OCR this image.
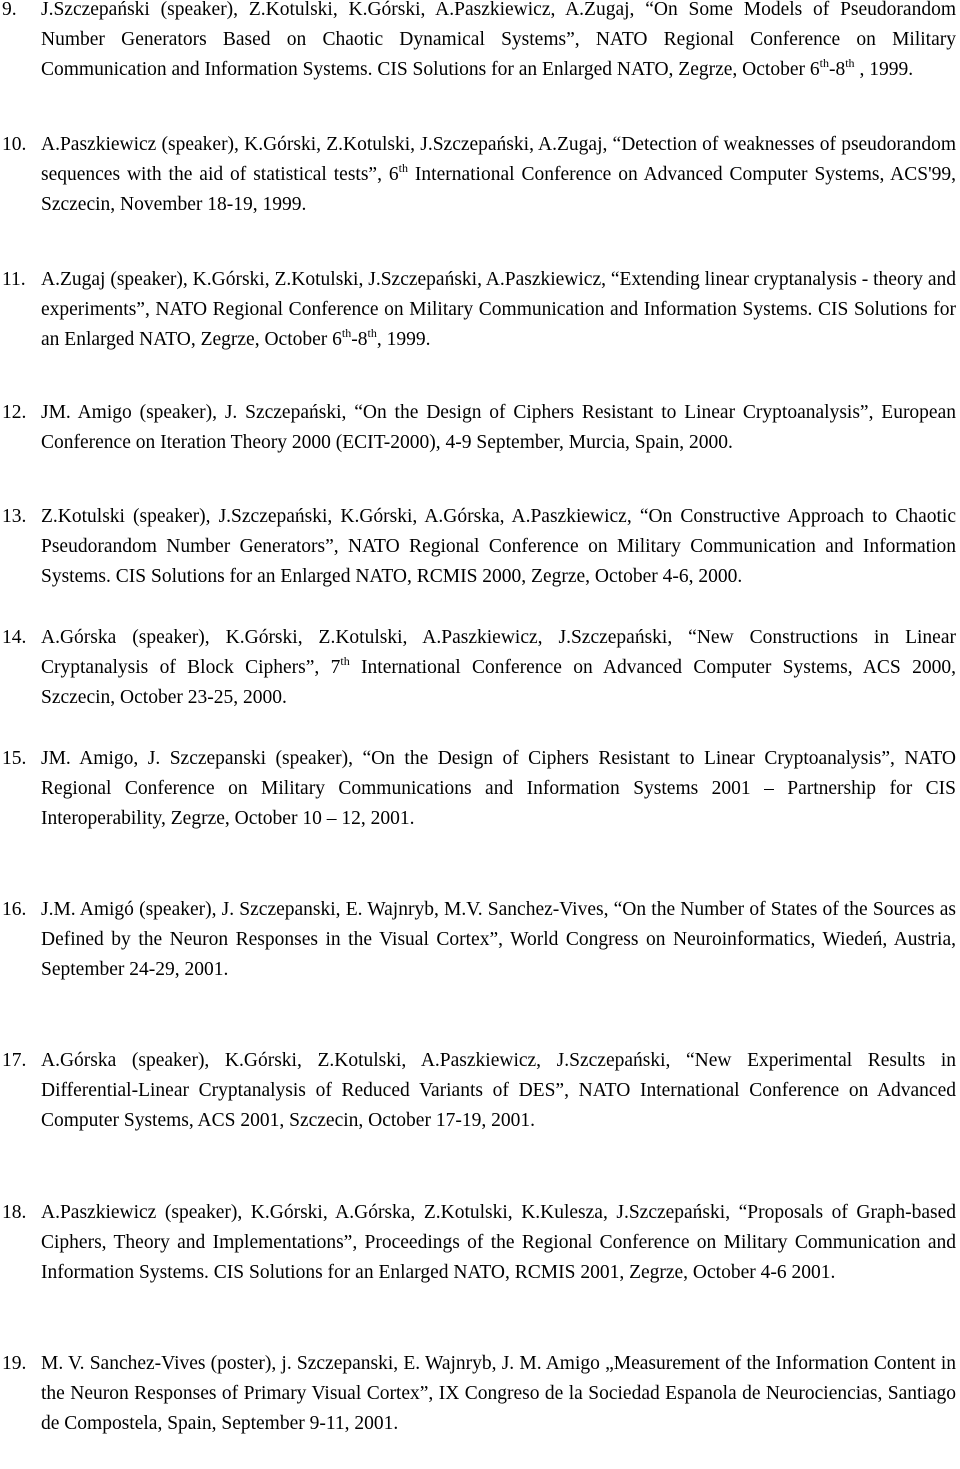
9.	J.Szczepański (speaker), Z.Kotulski, K.Górski, A.Paszkiewicz, A.Zugaj, “On Some Models of Pseudorandom Number Generators Based on Chaotic Dynamical Systems”, NATO Regional Conference on Military Communication and Information Systems. CIS Solutions for an Enlarged NATO, Zegrze, October 6th-8th , 1999.
10. A.Paszkiewicz (speaker), K.Górski, Z.Kotulski, J.Szczepański, A.Zugaj, “Detection of weaknesses of pseudorandom sequences with the aid of statistical tests”, 6th International Conference on Advanced Computer Systems, ACS'99, Szczecin, November 18-19, 1999.
11. A.Zugaj (speaker), K.Górski, Z.Kotulski, J.Szczepański, A.Paszkiewicz, “Extending linear cryptanalysis - theory and experiments”, NATO Regional Conference on Military Communication and Information Systems. CIS Solutions for an Enlarged NATO, Zegrze, October 6th-8th, 1999.
12. JM. Amigo (speaker), J. Szczepański, “On the Design of Ciphers Resistant to Linear Cryptoanalysis”, European Conference on Iteration Theory 2000 (ECIT-2000), 4-9 September, Murcia, Spain, 2000.
13. Z.Kotulski (speaker), J.Szczepański, K.Górski, A.Górska, A.Paszkiewicz, “On Constructive Approach to Chaotic Pseudorandom Number Generators”, NATO Regional Conference on Military Communication and Information Systems. CIS Solutions for an Enlarged NATO, RCMIS 2000, Zegrze, October 4-6, 2000.
14. A.Górska (speaker), K.Górski, Z.Kotulski, A.Paszkiewicz, J.Szczepański, “New Constructions in Linear Cryptanalysis of Block Ciphers”, 7th International Conference on Advanced Computer Systems, ACS 2000, Szczecin, October 23-25, 2000.
15. JM. Amigo, J. Szczepanski (speaker), “On the Design of Ciphers Resistant to Linear Cryptoanalysis”, NATO Regional Conference on Military Communications and Information Systems 2001 – Partnership for CIS Interoperability, Zegrze, October 10 – 12, 2001.
16. J.M. Amigó (speaker), J. Szczepanski, E. Wajnryb, M.V. Sanchez-Vives, “On the Number of States of the Sources as Defined by the Neuron Responses in the Visual Cortex”, World Congress on Neuroinformatics, Wiedeń, Austria, September 24-29, 2001.
17. A.Górska (speaker), K.Górski, Z.Kotulski, A.Paszkiewicz, J.Szczepański, “New Experimental Results in Differential-Linear Cryptanalysis of Reduced Variants of DES”, NATO International Conference on Advanced Computer Systems, ACS 2001, Szczecin, October 17-19, 2001.
18. A.Paszkiewicz (speaker), K.Górski, A.Górska, Z.Kotulski, K.Kulesza, J.Szczepański, “Proposals of Graph-based Ciphers, Theory and Implementations”, Proceedings of the Regional Conference on Military Communication and Information Systems. CIS Solutions for an Enlarged NATO, RCMIS 2001, Zegrze, October 4-6 2001.
19. M. V. Sanchez-Vives (poster), j. Szczepanski, E. Wajnryb, J. M. Amigo „Measurement of the Information Content in the Neuron Responses of Primary Visual Cortex”, IX Congreso de la Sociedad Espanola de Neurociencias, Santiago de Compostela, Spain, September 9-11, 2001.
